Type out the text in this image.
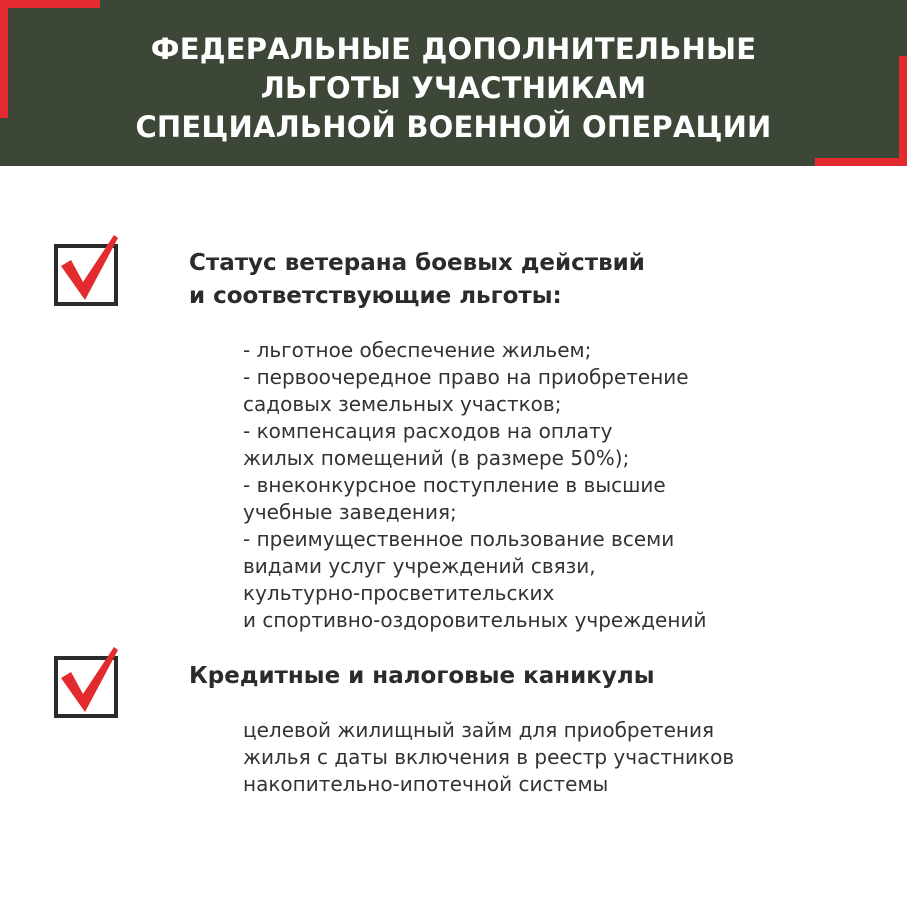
ФЕДЕРАЛЬНЫЕ ДОПОЛНИТЕЛЬНЫЕ
ЛЬГОТЫ УЧАСТНИКАМ
СПЕЦИАЛЬНОЙ ВОЕННОЙ ОПЕРАЦИИ
Статус ветерана боевых действий
и соответствующие льготы:
- льготное обеспечение жильем;
- первоочередное право на приобретение
садовых земельных участков;
- компенсация расходов на оплату
жилых помещений (в размере 50%);
- внеконкурсное поступление в высшие
учебные заведения;
- преимущественное пользование всеми
видами услуг учреждений связи,
культурно-просветительских
и спортивно-оздоровительных учреждений
Кредитные и налоговые каникулы
целевой жилищный займ для приобретения
жилья с даты включения в реестр участников
накопительно-ипотечной системы
